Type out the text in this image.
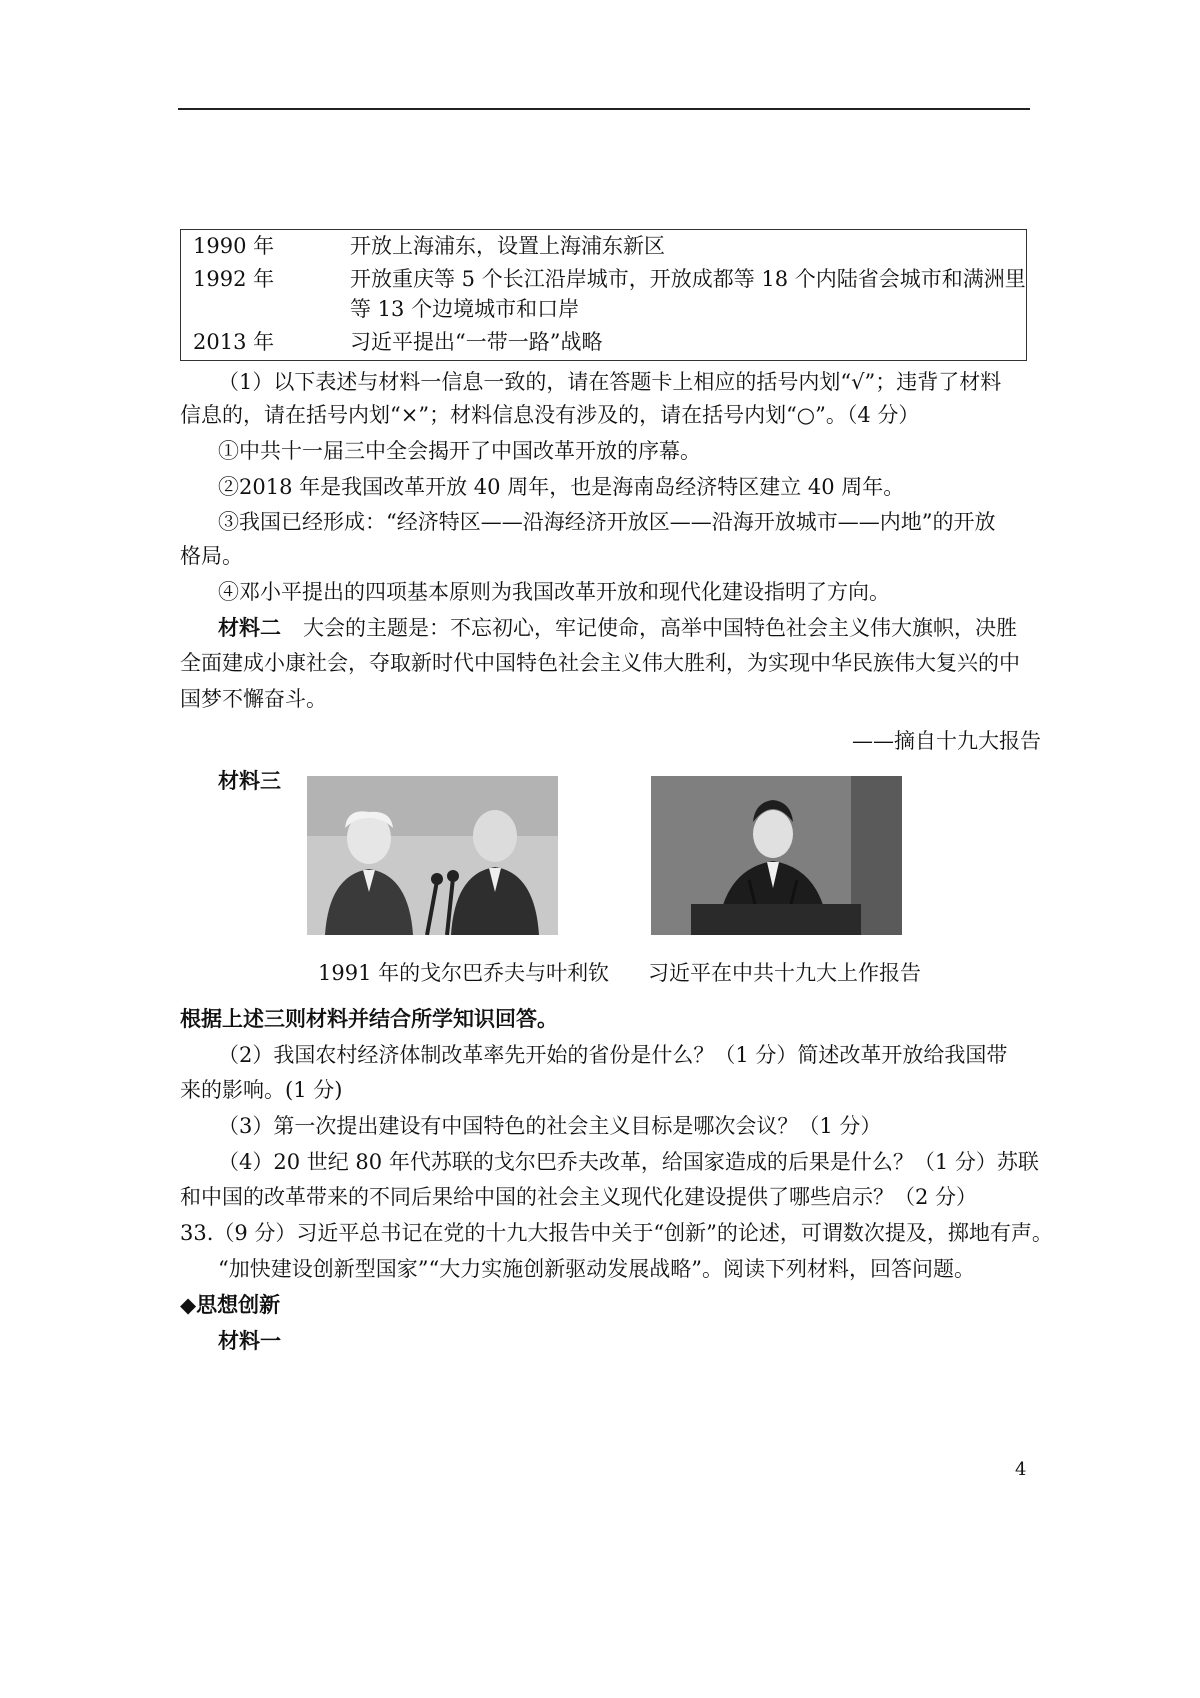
1990 年	开放上海浦东，设置上海浦东新区
1992 年	开放重庆等 5 个长江沿岸城市，开放成都等 18 个内陆省会城市和满洲里
等 13 个边境城市和口岸
2013 年	习近平提出“一带一路”战略
（1）以下表述与材料一信息一致的，请在答题卡上相应的括号内划“√”；违背了材料
信息的，请在括号内划“×”；材料信息没有涉及的，请在括号内划“○”。（4 分）
①中共十一届三中全会揭开了中国改革开放的序幕。
②2018 年是我国改革开放 40 周年，也是海南岛经济特区建立 40 周年。
③我国已经形成：“经济特区——沿海经济开放区——沿海开放城市——内地”的开放
格局。
④邓小平提出的四项基本原则为我国改革开放和现代化建设指明了方向。
材料二 大会的主题是：不忘初心，牢记使命，高举中国特色社会主义伟大旗帜，决胜
全面建成小康社会，夺取新时代中国特色社会主义伟大胜利，为实现中华民族伟大复兴的中
国梦不懈奋斗。
——摘自十九大报告
材料三
1991 年的戈尔巴乔夫与叶利钦 习近平在中共十九大上作报告
根据上述三则材料并结合所学知识回答。
（2）我国农村经济体制改革率先开始的省份是什么？（1 分）简述改革开放给我国带
来的影响。(1 分)
（3）第一次提出建设有中国特色的社会主义目标是哪次会议？（1 分）
（4）20 世纪 80 年代苏联的戈尔巴乔夫改革，给国家造成的后果是什么？（1 分）苏联
和中国的改革带来的不同后果给中国的社会主义现代化建设提供了哪些启示？（2 分）
33.（9 分）习近平总书记在党的十九大报告中关于“创新”的论述，可谓数次提及，掷地有声。
“加快建设创新型国家”“大力实施创新驱动发展战略”。阅读下列材料，回答问题。
◆思想创新
材料一
4
